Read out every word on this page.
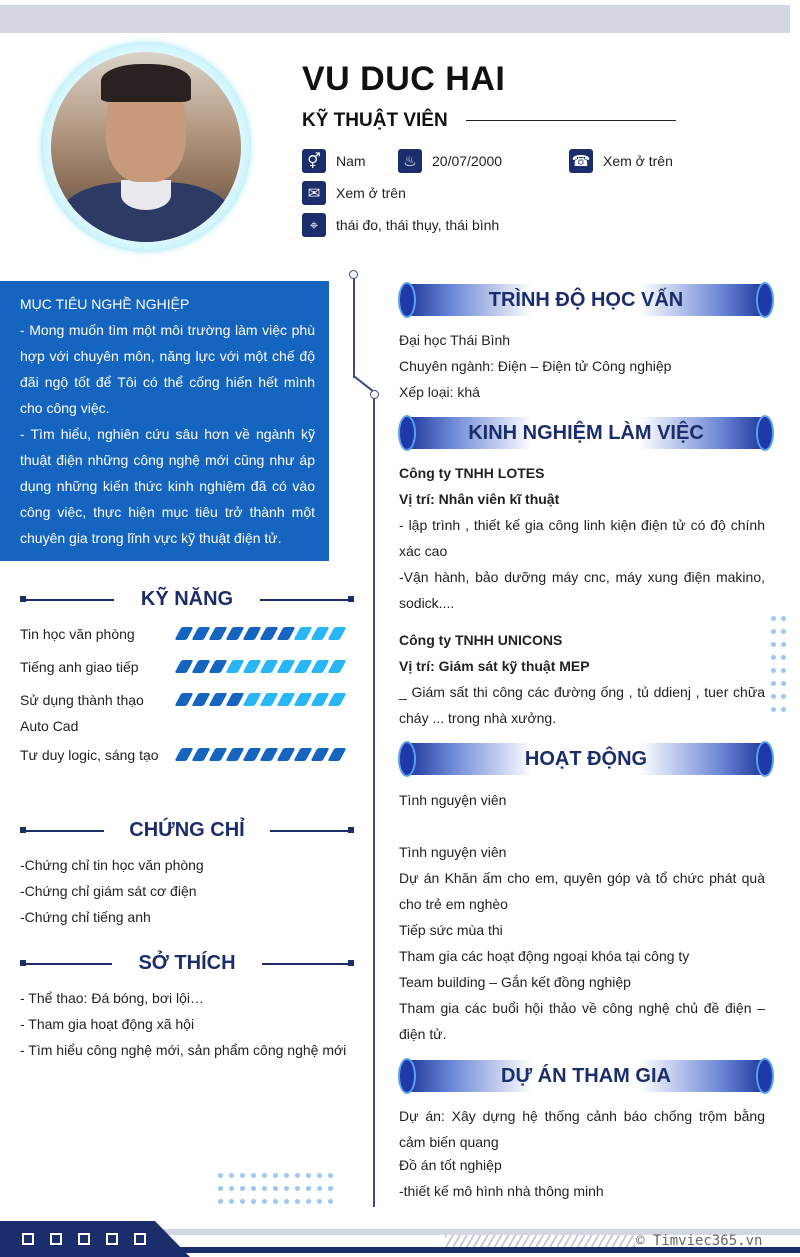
VU DUC HAI
KỸ THUẬT VIÊN
⚥	Nam	♨	20/07/2000	☎ Xem ở trên
✉	Xem ở trên
⌖	thái đo, thái thụy, thái bình
MỤC TIÊU NGHỀ NGHIỆP

- Mong muốn tìm một môi trường làm việc phù hợp với chuyên môn, năng lực với một chế độ đãi ngộ tốt để Tôi có thể cống hiến hết mình cho công việc.

- Tìm hiểu, nghiên cứu sâu hơn về ngành kỹ thuật điện những công nghệ mới cũng như áp dụng những kiến thức kinh nghiệm đã có vào công việc, thực hiện mục tiêu trở thành một chuyên gia trong lĩnh vực kỹ thuật điện tử.

KỸ NĂNG
Tin học văn phòng
Tiếng anh giao tiếp
Sử dụng thành thạo Auto Cad
Tư duy logic, sáng tạo
CHỨNG CHỈ
-Chứng chỉ tin học văn phòng
-Chứng chỉ giám sát cơ điện
-Chứng chỉ tiếng anh
SỞ THÍCH
- Thể thao: Đá bóng, bơi lội…
- Tham gia hoạt động xã hội
- Tìm hiểu công nghệ mới, sản phẩm công nghệ mới
TRÌNH ĐỘ HỌC VẤN
Đại học Thái Bình
Chuyên ngành: Điện – Điện tử Công nghiệp
Xếp loại: khá
KINH NGHIỆM LÀM VIỆC
Công ty TNHH LOTES
Vị trí: Nhân viên kĩ thuật
- lập trình , thiết kế gia công linh kiện điện tử có độ chính xác cao
-Vận hành, bảo dưỡng máy cnc, máy xung điện makino, sodick....
Công ty TNHH UNICONS
Vị trí: Giám sát kỹ thuật MEP
_ Giám sất thi công các đường ống , tủ ddienj , tuer chữa cháy ... trong nhà xưởng.
HOẠT ĐỘNG
Tình nguyện viên
Tình nguyện viên
Dự án Khăn ấm cho em, quyên góp và tổ chức phát quà cho trẻ em nghèo
Tiếp sức mùa thi
Tham gia các hoạt động ngoại khóa tại công ty
Team building – Gắn kết đồng nghiệp
Tham gia các buổi hội thảo về công nghệ chủ đề điện – điện tử.
DỰ ÁN THAM GIA
Dự án: Xây dựng hệ thống cảnh báo chống trộm bằng cảm biến quang
Đồ án tốt nghiệp
-thiết kế mô hình nhà thông minh
© Timviec365.vn
